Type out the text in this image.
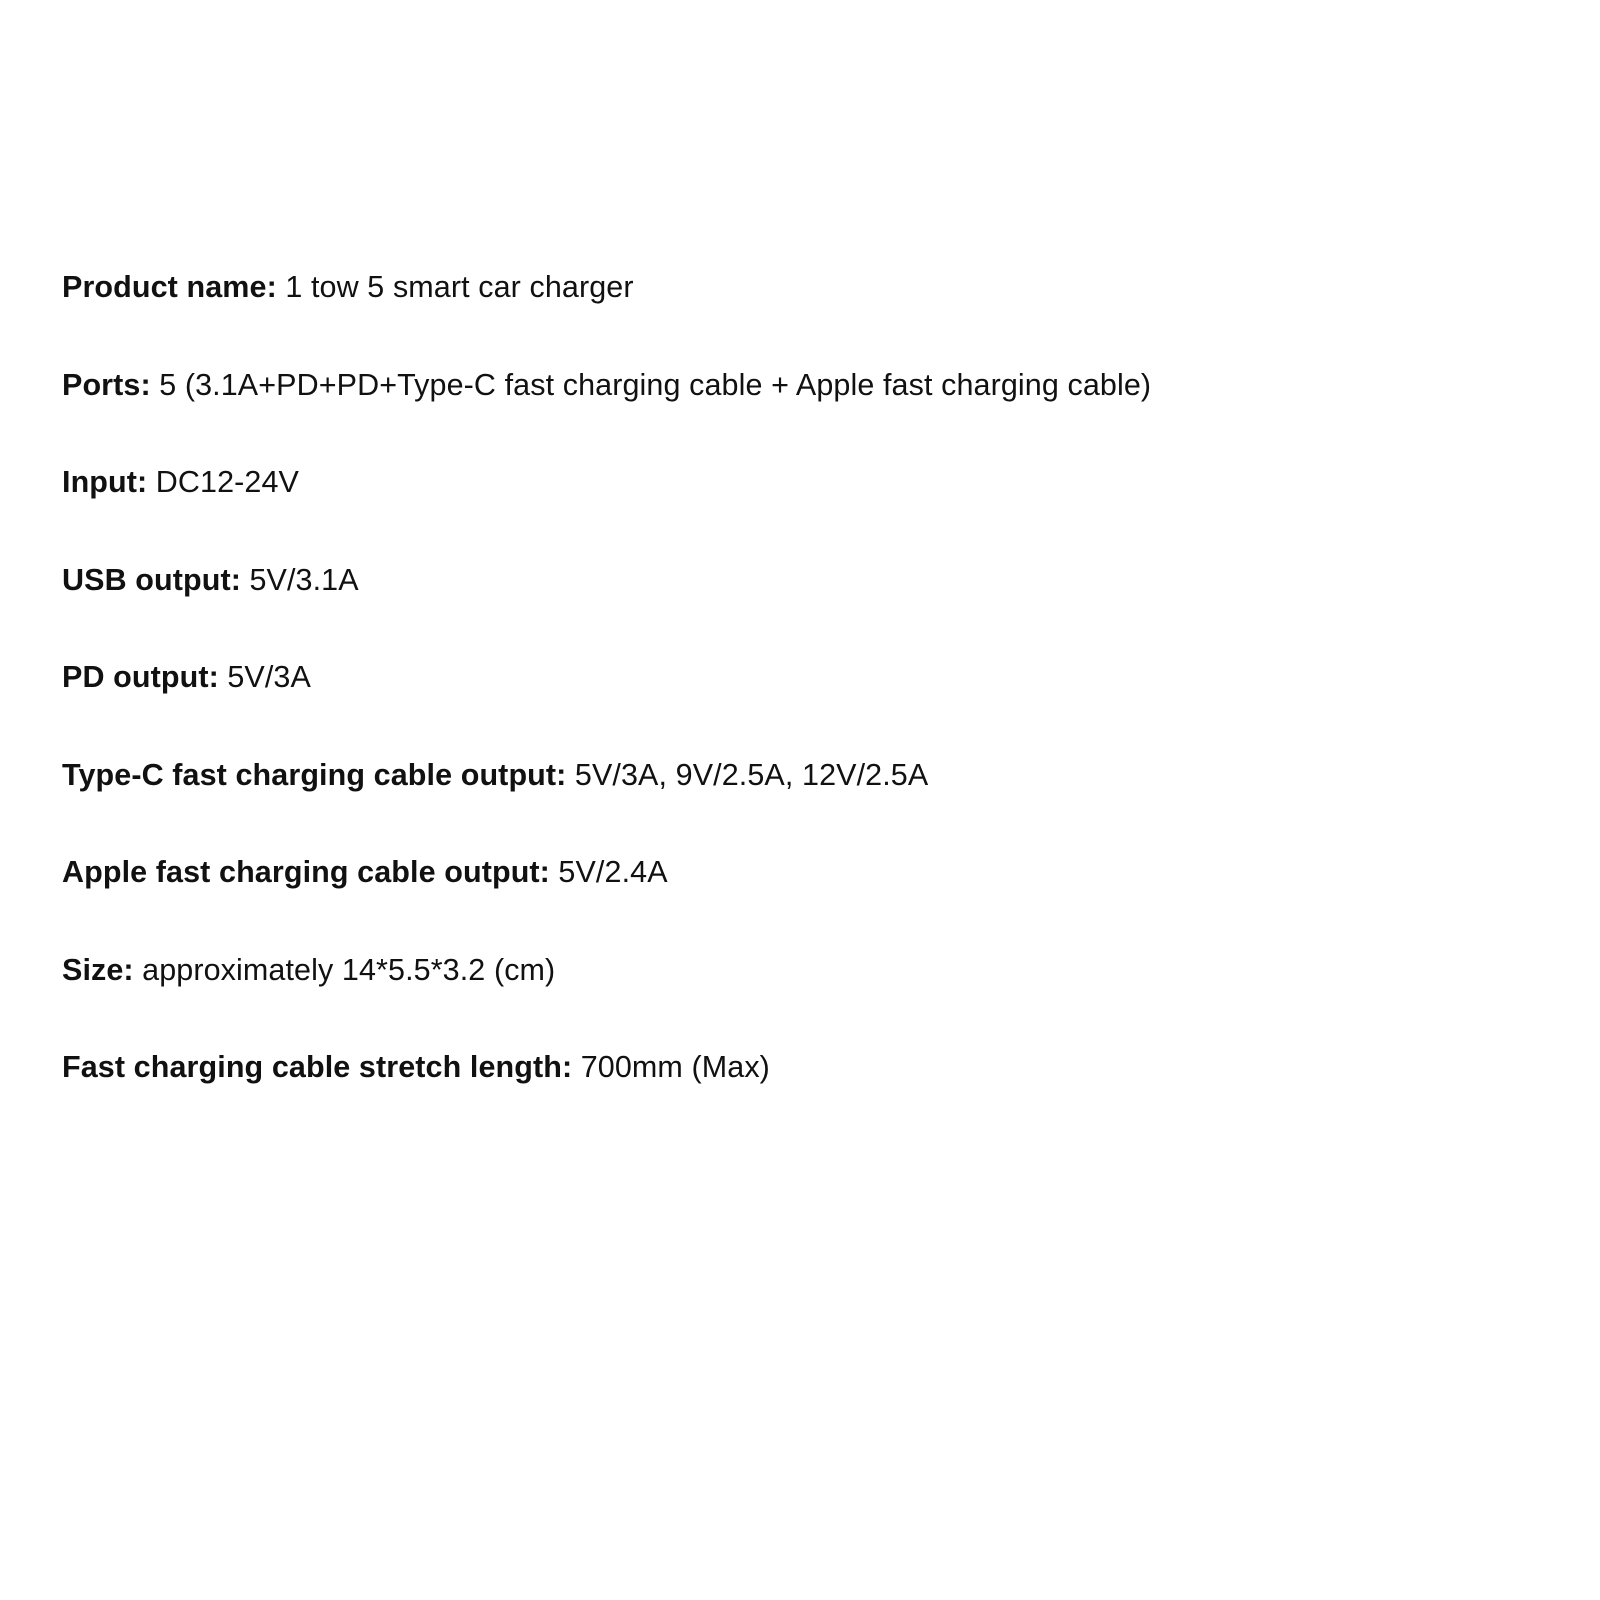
Product name: 1 tow 5 smart car charger
Ports: 5 (3.1A+PD+PD+Type-C fast charging cable + Apple fast charging cable)
Input: DC12-24V
USB output: 5V/3.1A
PD output: 5V/3A
Type-C fast charging cable output: 5V/3A, 9V/2.5A, 12V/2.5A
Apple fast charging cable output: 5V/2.4A
Size: approximately 14*5.5*3.2 (cm)
Fast charging cable stretch length: 700mm (Max)
